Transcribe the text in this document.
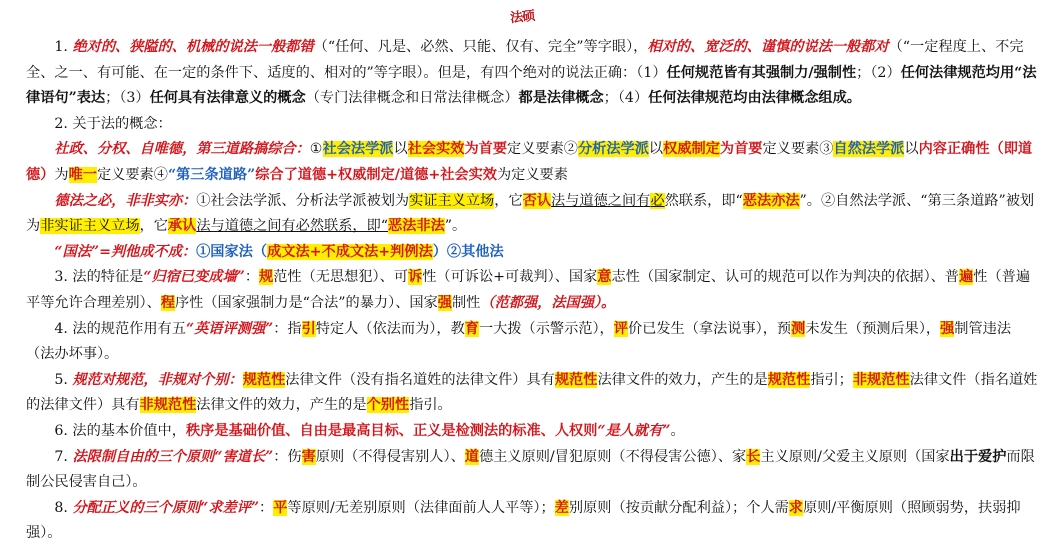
法硕

1. 绝对的、狭隘的、机械的说法一般都错（“任何、凡是、必然、只能、仅有、完全”等字眼），相对的、宽泛的、谨慎的说法一般都对（“一定程度上、不完全、之一、有可能、在一定的条件下、适度的、相对的”等字眼）。但是，有四个绝对的说法正确：（1）任何规范皆有其强制力/强制性；（2）任何法律规范均用“法律语句”表达；（3）任何具有法律意义的概念（专门法律概念和日常法律概念）都是法律概念；（4）任何法律规范均由法律概念组成。

2. 关于法的概念：

社政、分权、自唯德，第三道路搞综合：①社会法学派以社会实效为首要定义要素②分析法学派以权威制定为首要定义要素③自然法学派以内容正确性（即道德）为唯一定义要素④“第三条道路”综合了道德+权威制定/道德+社会实效为定义要素

德法之必，非非实亦：①社会法学派、分析法学派被划为实证主义立场，它否认法与道德之间有必然联系，即“恶法亦法”。②自然法学派、“第三条道路”被划为非实证主义立场，它承认法与道德之间有必然联系，即“恶法非法”。

“国法”=判他成不成：①国家法（成文法+不成文法+判例法）②其他法

3. 法的特征是“归宿已变成墙”：规范性（无思想犯）、可诉性（可诉讼+可裁判）、国家意志性（国家制定、认可的规范可以作为判决的依据）、普遍性（普遍平等允许合理差别）、程序性（国家强制力是“合法”的暴力）、国家强制性（范都强，法国强）。

4. 法的规范作用有五“英语评测强”：指引特定人（依法而为），教育一大拨（示警示范），评价已发生（拿法说事），预测未发生（预测后果），强制管违法（法办坏事）。

5. 规范对规范，非规对个别：规范性法律文件（没有指名道姓的法律文件）具有规范性法律文件的效力，产生的是规范性指引；非规范性法律文件（指名道姓的法律文件）具有非规范性法律文件的效力，产生的是个别性指引。

6. 法的基本价值中，秩序是基础价值、自由是最高目标、正义是检测法的标准、人权则“是人就有”。

7. 法限制自由的三个原则“害道长”：伤害原则（不得侵害别人）、道德主义原则/冒犯原则（不得侵害公德）、家长主义原则/父爱主义原则（国家出于爱护而限制公民侵害自己）。

8. 分配正义的三个原则“求差评”：平等原则/无差别原则（法律面前人人平等）；差别原则（按贡献分配利益）；个人需求原则/平衡原则（照顾弱势，扶弱抑强）。
